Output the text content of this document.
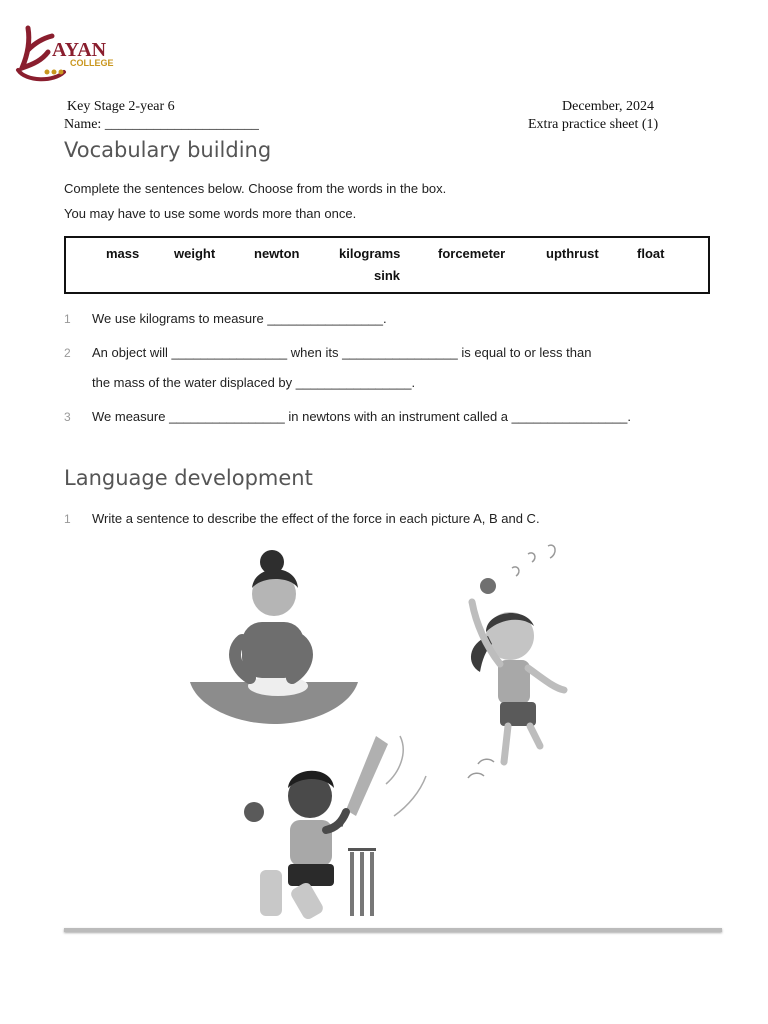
AYAN
COLLEGE
Key Stage 2-year 6
Name: ______________________
December, 2024
Extra practice sheet (1)
Vocabulary building
Complete the sentences below. Choose from the words in the box.
You may have to use some words more than once.
mass	weight	newton	kilograms	forcemeter	upthrust	float
sink
1 We use kilograms to measure ________________.
2 An object will ________________ when its ________________ is equal to or less than
the mass of the water displaced by ________________.
3 We measure ________________ in newtons with an instrument called a ________________.
Language development
1 Write a sentence to describe the effect of the force in each picture A, B and C.
